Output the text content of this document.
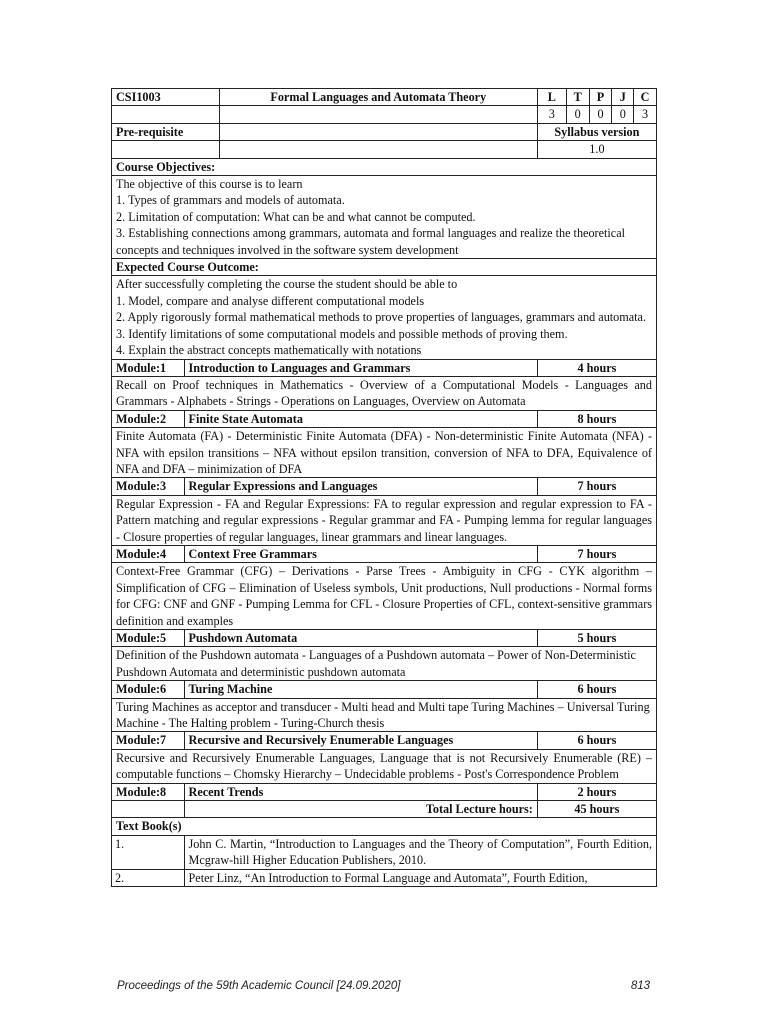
CSI1003		Formal Languages and Automata Theory	L	T	P	J	C
			3	0	0	0	3
Pre-requisite			Syllabus version				
			1.0				
Course Objectives:							

The objective of this course is to learn
1. Types of grammars and models of automata.
2. Limitation of computation: What can be and what cannot be computed.
3. Establishing connections among grammars, automata and formal languages and realize the theoretical concepts and techniques involved in the software system development							

Expected Course Outcome:							

After successfully completing the course the student should be able to
1. Model, compare and analyse different computational models
2. Apply rigorously formal mathematical methods to prove properties of languages, grammars and automata.
3. Identify limitations of some computational models and possible methods of proving them.
4. Explain the abstract concepts mathematically with notations							

Module:1	Introduction to Languages and Grammars		4 hours				
Recall on Proof techniques in Mathematics - Overview of a Computational Models - Languages and Grammars - Alphabets - Strings - Operations on Languages, Overview on Automata							
Module:2	Finite State Automata		8 hours				
Finite Automata (FA) - Deterministic Finite Automata (DFA) - Non-deterministic Finite Automata (NFA) - NFA with epsilon transitions – NFA without epsilon transition, conversion of NFA to DFA, Equivalence of NFA and DFA – minimization of DFA							
Module:3	Regular Expressions and Languages		7 hours				
Regular Expression - FA and Regular Expressions: FA to regular expression and regular expression to FA - Pattern matching and regular expressions - Regular grammar and FA - Pumping lemma for regular languages - Closure properties of regular languages, linear grammars and linear languages.							
Module:4	Context Free Grammars		7 hours				
Context-Free Grammar (CFG) – Derivations - Parse Trees - Ambiguity in CFG - CYK algorithm – Simplification of CFG – Elimination of Useless symbols, Unit productions, Null productions - Normal forms for CFG: CNF and GNF - Pumping Lemma for CFL - Closure Properties of CFL, context-sensitive grammars definition and examples							
Module:5	Pushdown Automata		5 hours				
Definition of the Pushdown automata - Languages of a Pushdown automata – Power of Non-Deterministic Pushdown Automata and deterministic pushdown automata							
Module:6	Turing Machine		6 hours				
Turing Machines as acceptor and transducer - Multi head and Multi tape Turing Machines – Universal Turing Machine - The Halting problem - Turing-Church thesis							
Module:7	Recursive and Recursively Enumerable Languages		6 hours				
Recursive and Recursively Enumerable Languages, Language that is not Recursively Enumerable (RE) – computable functions – Chomsky Hierarchy – Undecidable problems - Post's Correspondence Problem							
Module:8	Recent Trends		2 hours				
	Total Lecture hours:		45 hours				
Text Book(s)							
1.	John C. Martin, “Introduction to Languages and the Theory of Computation”, Fourth Edition, Mcgraw-hill Higher Education Publishers, 2010.						
2.	Peter Linz, “An Introduction to Formal Language and Automata”, Fourth Edition,						
Proceedings of the 59th Academic Council [24.09.2020]	813
